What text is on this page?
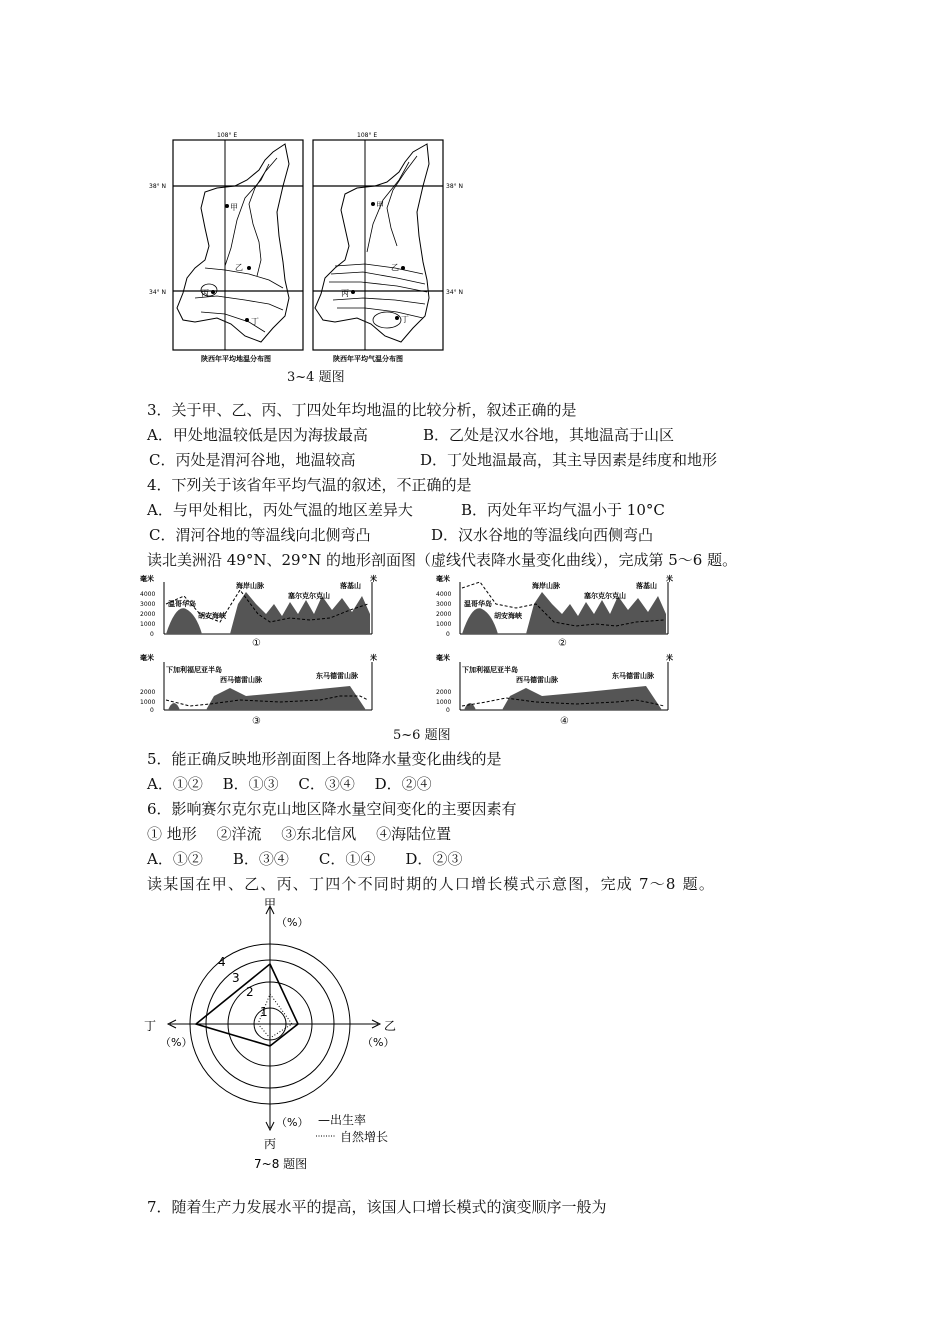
甲
乙
丙
丁
甲
乙
丙
丁
108° E	108° E
38° N
34° N
38° N
34° N
陕西年平均地温分布图	陕西年平均气温分布图
3~4 题图
3．关于甲、乙、丙、丁四处年均地温的比较分析，叙述正确的是
A．甲处地温较低是因为海拔最高	B．乙处是汉水谷地，其地温高于山区
C．丙处是渭河谷地，地温较高	D．丁处地温最高，其主导因素是纬度和地形
4．下列关于该省年平均气温的叙述，不正确的是
A．与甲处相比，丙处气温的地区差异大	B．丙处年平均气温小于 10°C
C．渭河谷地的等温线向北侧弯凸	D．汉水谷地的等温线向西侧弯凸
读北美洲沿 49°N、29°N 的地形剖面图（虚线代表降水量变化曲线），完成第 5～6 题。
毫米	米
4000
3000
2000
1000
0
温哥华岛
胡安海峡
海岸山脉
塞尔克尔克山
落基山
①
毫米	米
4000
3000
2000
1000
0
温哥华岛
胡安海峡
海岸山脉
塞尔克尔克山
落基山
②
毫米	米
2000
1000
0
下加利福尼亚半岛
西马德雷山脉	东马德雷山脉
③
毫米	米
2000
1000
0
下加利福尼亚半岛
西马德雷山脉	东马德雷山脉
④
5~6 题图
5．能正确反映地形剖面图上各地降水量变化曲线的是
A．①②　 B．①③　 C．③④　 D．②④
6．影响赛尔克尔克山地区降水量空间变化的主要因素有
① 地形　 ②洋流　 ③东北信风　 ④海陆位置
A．①②　　B．③④　　C．①④　　D．②③
读某国在甲、乙、丙、丁四个不同时期的人口增长模式示意图，完成 7～8 题。
甲
乙
丙
丁
（%）
（%）
（%）
（%）
1
2
3
4
—出生率
自然增长
7~8 题图
7．随着生产力发展水平的提高，该国人口增长模式的演变顺序一般为
